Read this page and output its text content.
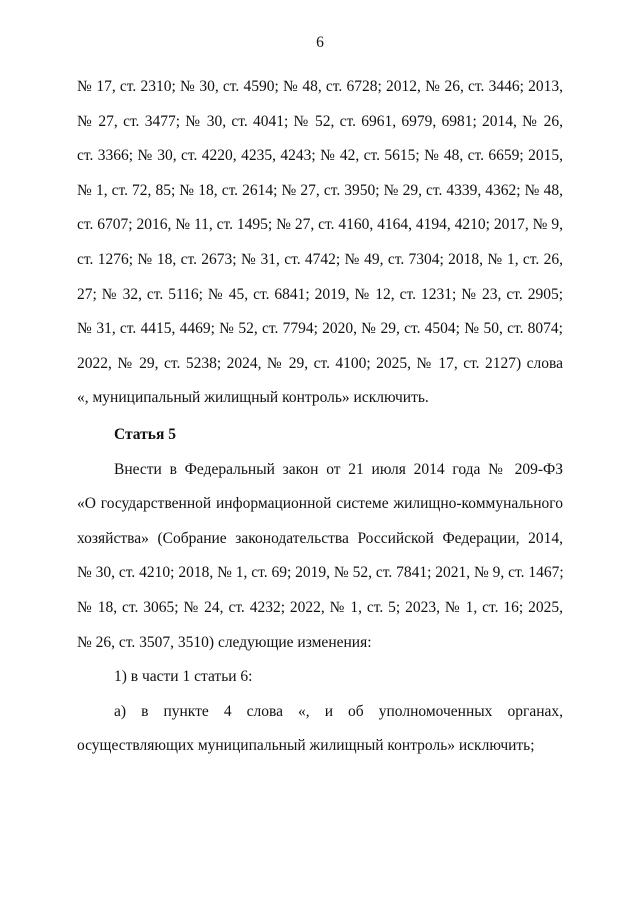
6
№ 17, ст. 2310; № 30, ст. 4590; № 48, ст. 6728; 2012, № 26, ст. 3446; 2013,
№ 27, ст. 3477; № 30, ст. 4041; № 52, ст. 6961, 6979, 6981; 2014, № 26,
ст. 3366; № 30, ст. 4220, 4235, 4243; № 42, ст. 5615; № 48, ст. 6659; 2015,
№ 1, ст. 72, 85; № 18, ст. 2614; № 27, ст. 3950; № 29, ст. 4339, 4362; № 48,
ст. 6707; 2016, № 11, ст. 1495; № 27, ст. 4160, 4164, 4194, 4210; 2017, № 9,
ст. 1276; № 18, ст. 2673; № 31, ст. 4742; № 49, ст. 7304; 2018, № 1, ст. 26,
27; № 32, ст. 5116; № 45, ст. 6841; 2019, № 12, ст. 1231; № 23, ст. 2905;
№ 31, ст. 4415, 4469; № 52, ст. 7794; 2020, № 29, ст. 4504; № 50, ст. 8074;
2022, № 29, ст. 5238; 2024, № 29, ст. 4100; 2025, № 17, ст. 2127) слова
«, муниципальный жилищный контроль» исключить.
Статья 5
Внести в Федеральный закон от 21 июля 2014 года № 209-ФЗ
«О государственной информационной системе жилищно-коммунального
хозяйства» (Собрание законодательства Российской Федерации, 2014,
№ 30, ст. 4210; 2018, № 1, ст. 69; 2019, № 52, ст. 7841; 2021, № 9, ст. 1467;
№ 18, ст. 3065; № 24, ст. 4232; 2022, № 1, ст. 5; 2023, № 1, ст. 16; 2025,
№ 26, ст. 3507, 3510) следующие изменения:
1) в части 1 статьи 6:
а) в пункте 4 слова «, и об уполномоченных органах,
осуществляющих муниципальный жилищный контроль» исключить;
